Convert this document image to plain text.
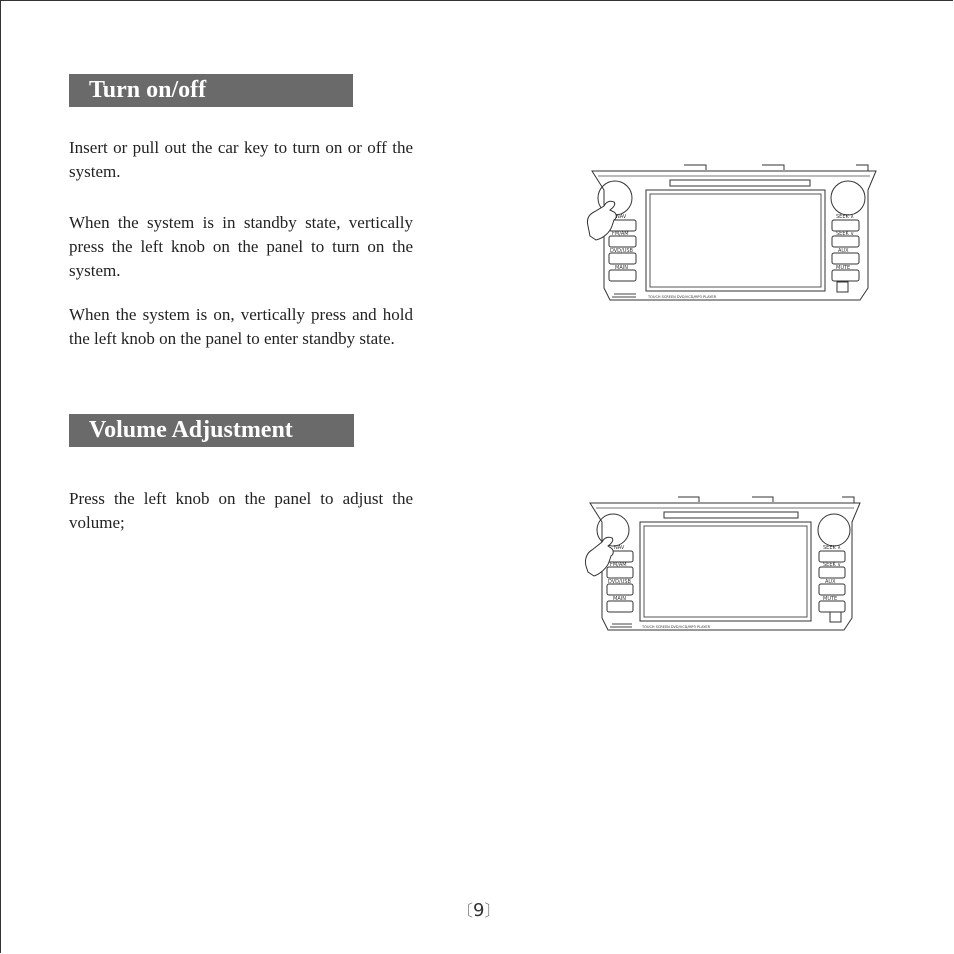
Turn on/off

Insert or pull out the car key to turn on or off the system.

When the system is in standby state, vertically press the left knob on the panel to turn on the system.

When the system is on, vertically press and hold the left knob on the panel to enter standby state.

Volume Adjustment

Press the left knob on the panel to adjust the volume;

NAV
FM/AM
DVD/USB
MAIN
SEEK ∧
SEEK ∨
AUX
MUTE
TOUCH SCREEN DVD/VCD/MP3 PLAYER
NAV
FM/AM
DVD/USB
MAIN
SEEK ∧
SEEK ∨
AUX
MUTE
TOUCH SCREEN DVD/VCD/MP3 PLAYER
〔9〕
